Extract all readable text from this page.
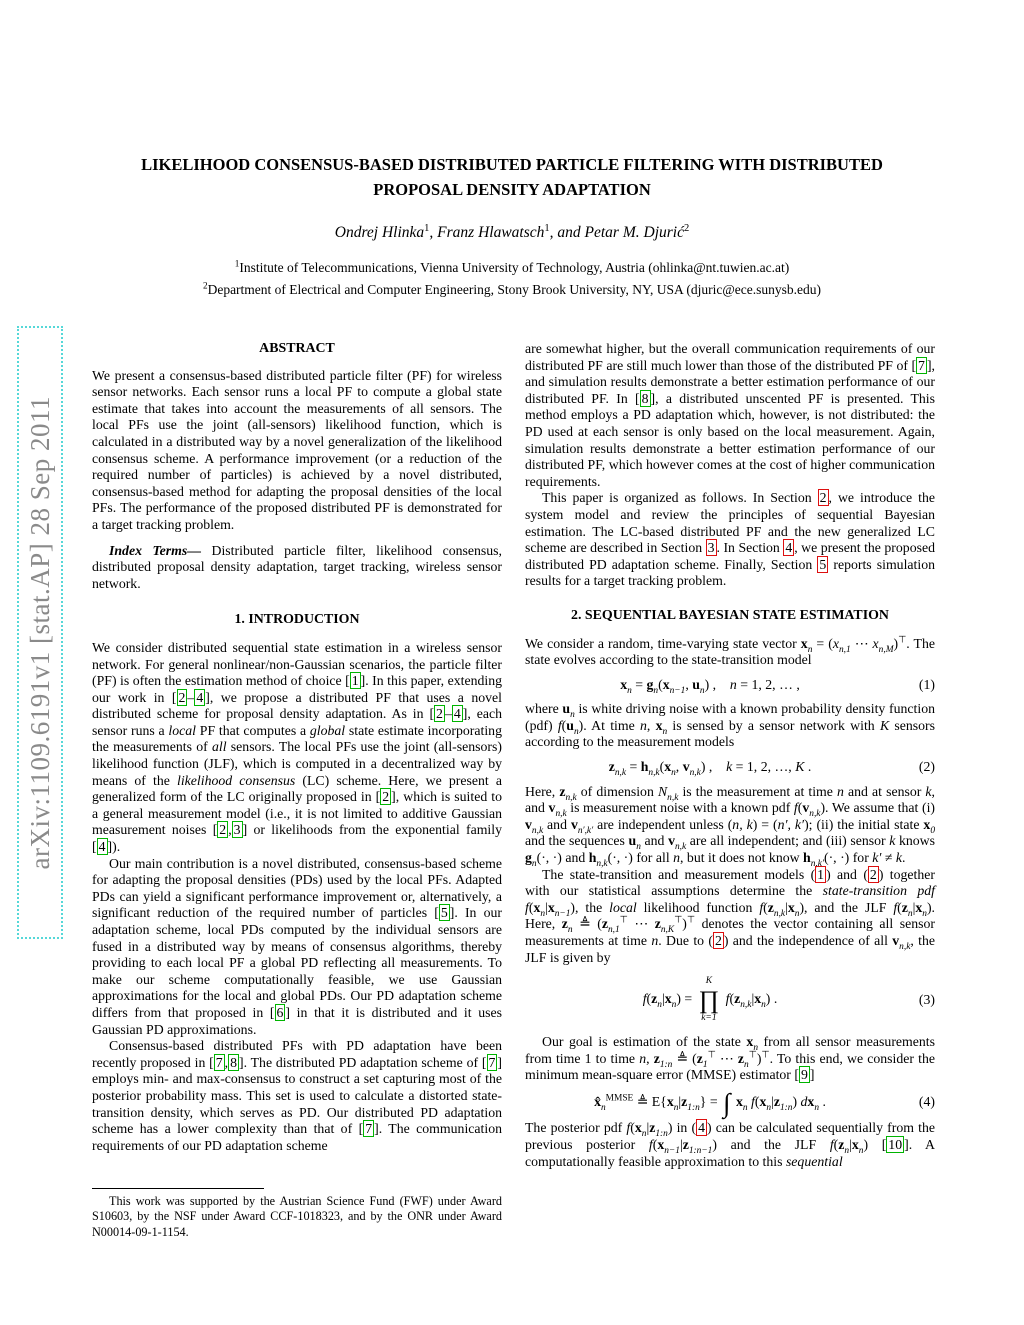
arXiv:1109.6191v1 [stat.AP] 28 Sep 2011
LIKELIHOOD CONSENSUS-BASED DISTRIBUTED PARTICLE FILTERING WITH DISTRIBUTED PROPOSAL DENSITY ADAPTATION
Ondrej Hlinka$^1$, Franz Hlawatsch$^1$, and Petar M. Djurić$^2$
$^1$Institute of Telecommunications, Vienna University of Technology, Austria (ohlinka@nt.tuwien.ac.at)
$^2$Department of Electrical and Computer Engineering, Stony Brook University, NY, USA (djuric@ece.sunysb.edu)
ABSTRACT

We present a consensus-based distributed particle filter (PF) for wireless sensor networks. Each sensor runs a local PF to compute a global state estimate that takes into account the measurements of all sensors. The local PFs use the joint (all-sensors) likelihood function, which is calculated in a distributed way by a novel generalization of the likelihood consensus scheme. A performance improvement (or a reduction of the required number of particles) is achieved by a novel distributed, consensus-based method for adapting the proposal densities of the local PFs. The performance of the proposed distributed PF is demonstrated for a target tracking problem.

Index Terms— Distributed particle filter, likelihood consensus, distributed proposal density adaptation, target tracking, wireless sensor network.

1. INTRODUCTION

We consider distributed sequential state estimation in a wireless sensor network. For general nonlinear/non-Gaussian scenarios, the particle filter (PF) is often the estimation method of choice [ 1 ]. In this paper, extending our work in [ 2 – 4 ], we propose a distributed PF that uses a novel distributed scheme for proposal density adaptation. As in [ 2 – 4 ], each sensor runs a local PF that computes a global state estimate incorporating the measurements of all sensors. The local PFs use the joint (all-sensors) likelihood function (JLF), which is computed in a decentralized way by means of the likelihood consensus (LC) scheme. Here, we present a generalized form of the LC originally proposed in [ 2 ], which is suited to a general measurement model (i.e., it is not limited to additive Gaussian measurement noises [ 2 , 3 ] or likelihoods from the exponential family [ 4 ]).

Our main contribution is a novel distributed, consensus-based scheme for adapting the proposal densities (PDs) used by the local PFs. Adapted PDs can yield a significant performance improvement or, alternatively, a significant reduction of the required number of particles [ 5 ]. In our adaptation scheme, local PDs computed by the individual sensors are fused in a distributed way by means of consensus algorithms, thereby providing to each local PF a global PD reflecting all measurements. To make our scheme computationally feasible, we use Gaussian approximations for the local and global PDs. Our PD adaptation scheme differs from that proposed in [ 6 ] in that it is distributed and it uses Gaussian PD approximations.

Consensus-based distributed PFs with PD adaptation have been recently proposed in [ 7 , 8 ]. The distributed PD adaptation scheme of [ 7 ] employs min- and max-consensus to construct a set capturing most of the posterior probability mass. This set is used to calculate a distorted state-transition density, which serves as PD. Our distributed PD adaptation scheme has a lower complexity than that of [ 7 ]. The communication requirements of our PD adaptation scheme

This work was supported by the Austrian Science Fund (FWF) under Award S10603, by the NSF under Award CCF-1018323, and by the ONR under Award N00014-09-1-1154.

are somewhat higher, but the overall communication requirements of our distributed PF are still much lower than those of the distributed PF of [ 7 ], and simulation results demonstrate a better estimation performance of our distributed PF. In [ 8 ], a distributed unscented PF is presented. This method employs a PD adaptation which, however, is not distributed: the PD used at each sensor is only based on the local measurement. Again, simulation results demonstrate a better estimation performance of our distributed PF, which however comes at the cost of higher communication requirements.

This paper is organized as follows. In Section 2 , we introduce the system model and review the principles of sequential Bayesian estimation. The LC-based distributed PF and the new generalized LC scheme are described in Section 3 . In Section 4 , we present the proposed distributed PD adaptation scheme. Finally, Section 5 reports simulation results for a target tracking problem.

2. SEQUENTIAL BAYESIAN STATE ESTIMATION

We consider a random, time-varying state vector $x_n = (x_{n,1}$ ⋯ $x_{n,M})^⊤$. The state evolves according to the state-transition model

$x_n = g_n(x_{n-1}$, $u_n$) ,    n = 1, 2, … ,	(1)

where $u_n$ is white driving noise with a known probability density function (pdf) $f(u_n)$. At time n, $x_n$ is sensed by a sensor network with K sensors according to the measurement models

$z_{n,k} = h_{n,k}(x_n$, $v_{n,k}$) ,    k = 1, 2, …, K .	(2)

Here, $z_{n,k}$ of dimension $N_{n,k}$ is the measurement at time n and at sensor k, and $v_{n,k}$ is measurement noise with a known pdf $f(v_{n,k})$. We assume that (i) $v_{n,k}$ and $v_{n',k'}$ are independent unless (n, k) = (n′, k′); (ii) the initial state $x_0$ and the sequences $u_n$ and $v_{n,k}$ are all independent; and (iii) sensor k knows $g_n(\cdot$, ·) and $h_{n,k}(\cdot$, ·) for all n, but it does not know $h_{n,k'}(\cdot$, ·) for k′ ≠ k.

The state-transition and measurement models ( 1 ) and ( 2 ) together with our statistical assumptions determine the state-transition pdf $f(x_n|x_{n-1})$, the local likelihood function $f(z_{n,k}|x_n)$, and the JLF $f(z_n|x_n)$. Here, $z_n$ ≜ ($z_{n,1}^⊤$ ⋯ $z_{n,K}^⊤)^⊤$ denotes the vector containing all sensor measurements at time n. Due to ( 2 ) and the independence of all $v_{n,k}$, the JLF is given by

$f(z_n|x_n)$ =
K
∏
k=1
$f(z_{n,k}|x_n)$ .	(3)

Our goal is estimation of the state $x_n$ from all sensor measurements from time 1 to time n, $z_{1:n}$ ≜ ($z_1^⊤$ ⋯ $z_n^⊤)^⊤$. To this end, we consider the minimum mean-square error (MMSE) estimator [ 9 ]

$x̂_n^{MMSE}$ ≜ $E\{x_n|z_{1:n}\}$ = ∫ $x_n$ $f(x_n|z_{1:n})$ $dx_n$ .	(4)

The posterior pdf $f(x_n|z_{1:n})$ in ( 4 ) can be calculated sequentially from the previous posterior $f(x_{n-1}|z_{1:n-1})$ and the JLF $f(z_n|x_n)$ [ 10 ]. A computationally feasible approximation to this sequential
